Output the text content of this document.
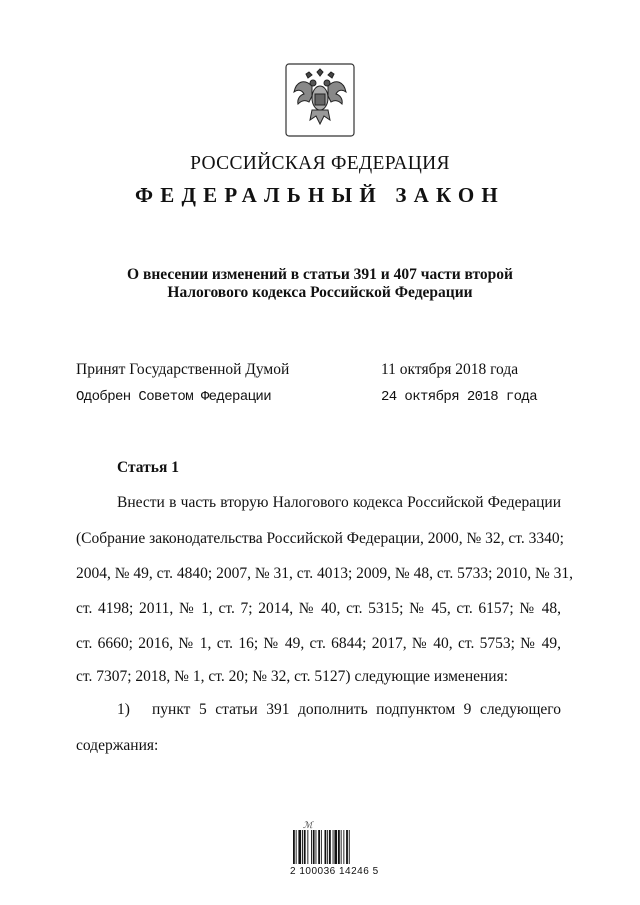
РОССИЙСКАЯ ФЕДЕРАЦИЯ
ФЕДЕРАЛЬНЫЙ ЗАКОН
О внесении изменений в статьи 391 и 407 части второй
Налогового кодекса Российской Федерации
Принят Государственной Думой	11 октября 2018 года
Одобрен Советом Федерации	24 октября 2018 года
Статья 1
Внести в часть вторую Налогового кодекса Российской Федерации
(Собрание законодательства Российской Федерации, 2000, № 32, ст. 3340;
2004, № 49, ст. 4840; 2007, № 31, ст. 4013; 2009, № 48, ст. 5733; 2010, № 31,
ст. 4198; 2011, № 1, ст. 7; 2014, № 40, ст. 5315; № 45, ст. 6157; № 48,
ст. 6660; 2016, № 1, ст. 16; № 49, ст. 6844; 2017, № 40, ст. 5753; № 49,
ст. 7307; 2018, № 1, ст. 20; № 32, ст. 5127) следующие изменения:
1) пункт 5 статьи 391 дополнить подпунктом 9 следующего
содержания:
ℳ
2 100036 14246 5
